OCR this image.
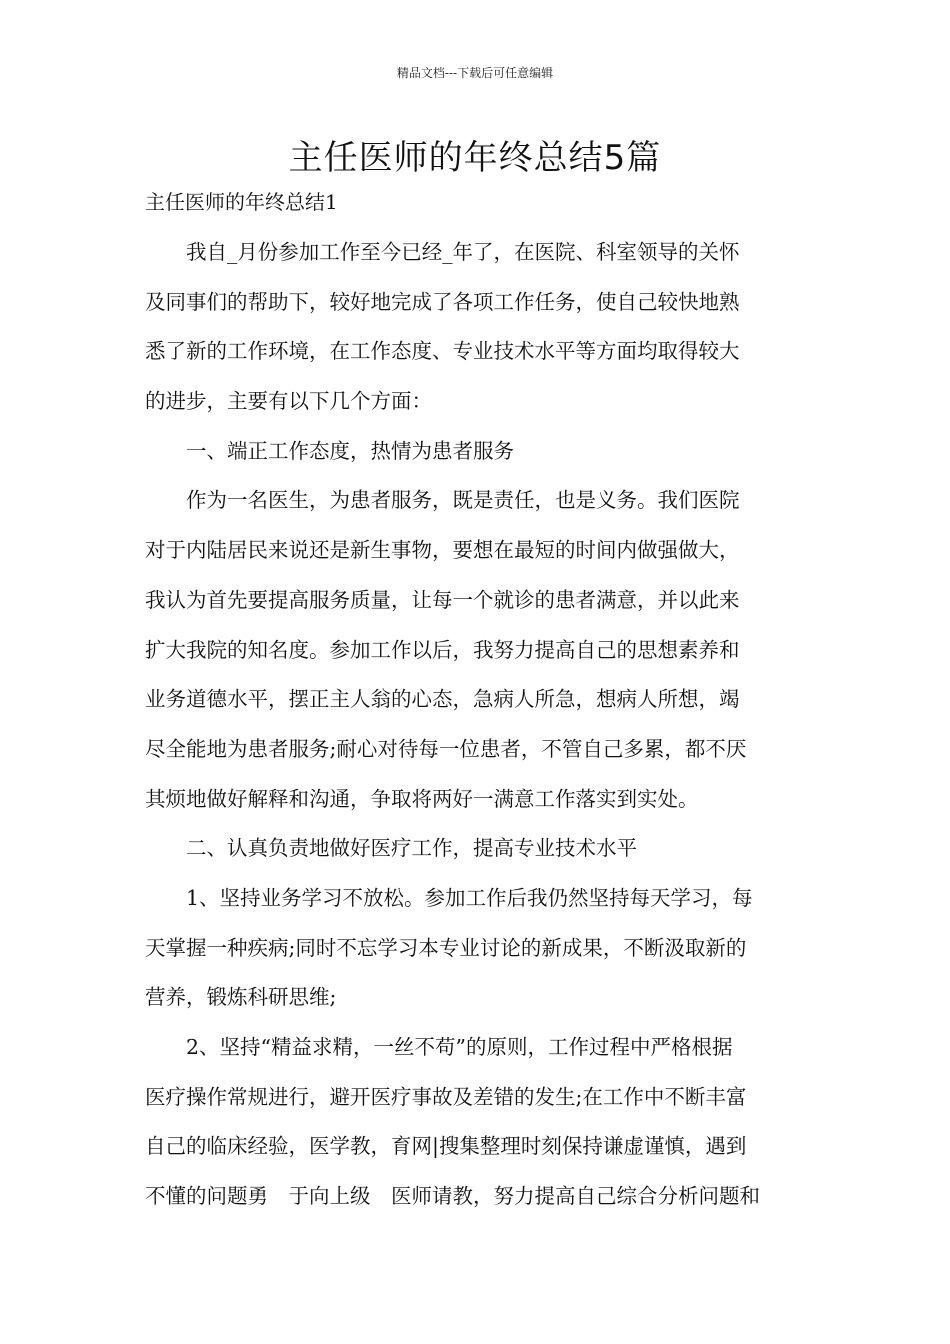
精品文档---下载后可任意编辑
主任医师的年终总结5篇
主任医师的年终总结1
　　我自_月份参加工作至今已经_年了，在医院、科室领导的关怀
及同事们的帮助下，较好地完成了各项工作任务，使自己较快地熟
悉了新的工作环境，在工作态度、专业技术水平等方面均取得较大
的进步，主要有以下几个方面：
　　一、端正工作态度，热情为患者服务
　　作为一名医生，为患者服务，既是责任，也是义务。我们医院
对于内陆居民来说还是新生事物，要想在最短的时间内做强做大，
我认为首先要提高服务质量，让每一个就诊的患者满意，并以此来
扩大我院的知名度。参加工作以后，我努力提高自己的思想素养和
业务道德水平，摆正主人翁的心态，急病人所急，想病人所想，竭
尽全能地为患者服务;耐心对待每一位患者，不管自己多累，都不厌
其烦地做好解释和沟通，争取将两好一满意工作落实到实处。
　　二、认真负责地做好医疗工作，提高专业技术水平
　　1、坚持业务学习不放松。参加工作后我仍然坚持每天学习，每
天掌握一种疾病;同时不忘学习本专业讨论的新成果，不断汲取新的
营养，锻炼科研思维;
　　2、坚持“精益求精，一丝不苟”的原则，工作过程中严格根据
医疗操作常规进行，避开医疗事故及差错的发生;在工作中不断丰富
自己的临床经验，医学教，育网|搜集整理时刻保持谦虚谨慎，遇到
不懂的问题勇　于向上级　医师请教，努力提高自己综合分析问题和
